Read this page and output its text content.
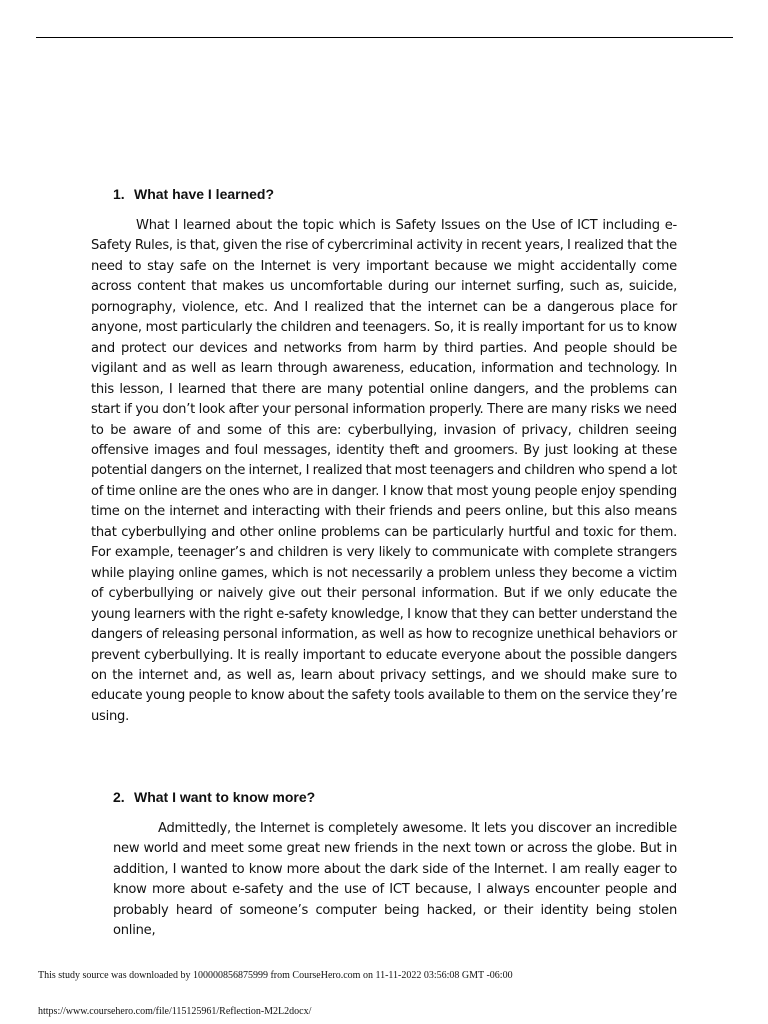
1. What have I learned?

What I learned about the topic which is Safety Issues on the Use of ICT including e-Safety Rules, is that, given the rise of cybercriminal activity in recent years, I realized that the need to stay safe on the Internet is very important because we might accidentally come across content that makes us uncomfortable during our internet surfing, such as, suicide, pornography, violence, etc. And I realized that the internet can be a dangerous place for anyone, most particularly the children and teenagers. So, it is really important for us to know and protect our devices and networks from harm by third parties. And people should be vigilant and as well as learn through awareness, education, information and technology. In this lesson, I learned that there are many potential online dangers, and the problems can start if you don’t look after your personal information properly. There are many risks we need to be aware of and some of this are: cyberbullying, invasion of privacy, children seeing offensive images and foul messages, identity theft and groomers. By just looking at these potential dangers on the internet, I realized that most teenagers and children who spend a lot of time online are the ones who are in danger. I know that most young people enjoy spending time on the internet and interacting with their friends and peers online, but this also means that cyberbullying and other online problems can be particularly hurtful and toxic for them. For example, teenager’s and children is very likely to communicate with complete strangers while playing online games, which is not necessarily a problem unless they become a victim of cyberbullying or naively give out their personal information. But if we only educate the young learners with the right e-safety knowledge, I know that they can better understand the dangers of releasing personal information, as well as how to recognize unethical behaviors or prevent cyberbullying. It is really important to educate everyone about the possible dangers on the internet and, as well as, learn about privacy settings, and we should make sure to educate young people to know about the safety tools available to them on the service they’re using.

2. What I want to know more?

Admittedly, the Internet is completely awesome. It lets you discover an incredible new world and meet some great new friends in the next town or across the globe. But in addition, I wanted to know more about the dark side of the Internet. I am really eager to know more about e-safety and the use of ICT because, I always encounter people and probably heard of someone’s computer being hacked, or their identity being stolen online,

This study source was downloaded by 100000856875999 from CourseHero.com on 11-11-2022 03:56:08 GMT -06:00
https://www.coursehero.com/file/115125961/Reflection-M2L2docx/
